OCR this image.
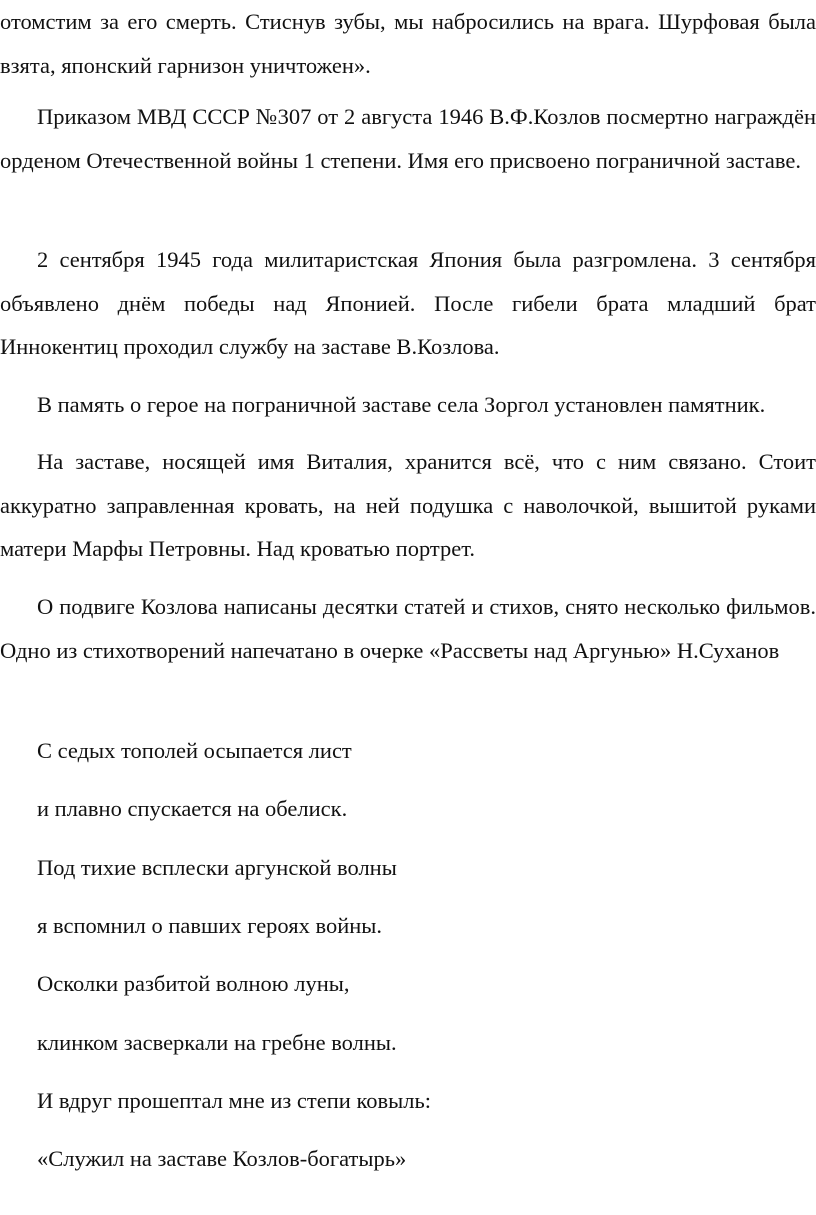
отомстим за его смерть. Стиснув зубы, мы набросились на врага. Шурфовая была взята, японский гарнизон уничтожен».

Приказом МВД СССР №307 от 2 августа 1946 В.Ф.Козлов посмертно награждён орденом Отечественной войны 1 степени. Имя его присвоено пограничной заставе.

2 сентября 1945 года милитаристская Япония была разгромлена. 3 сентября объявлено днём победы над Японией. После гибели брата младший брат Иннокентиц проходил службу на заставе В.Козлова.

В память о герое на пограничной заставе села Зоргол установлен памятник.

На заставе, носящей имя Виталия, хранится всё, что с ним связано. Стоит аккуратно заправленная кровать, на ней подушка с наволочкой, вышитой руками матери Марфы Петровны. Над кроватью портрет.

О подвиге Козлова написаны десятки статей и стихов, снято несколько фильмов. Одно из стихотворений напечатано в очерке «Рассветы над Аргунью» Н.Суханов

С седых тополей осыпается лист

и плавно спускается на обелиск.

Под тихие всплески аргунской волны

я вспомнил о павших героях войны.

Осколки разбитой волною луны,

клинком засверкали на гребне волны.

И вдруг прошептал мне из степи ковыль:

«Служил на заставе Козлов-богатырь»
